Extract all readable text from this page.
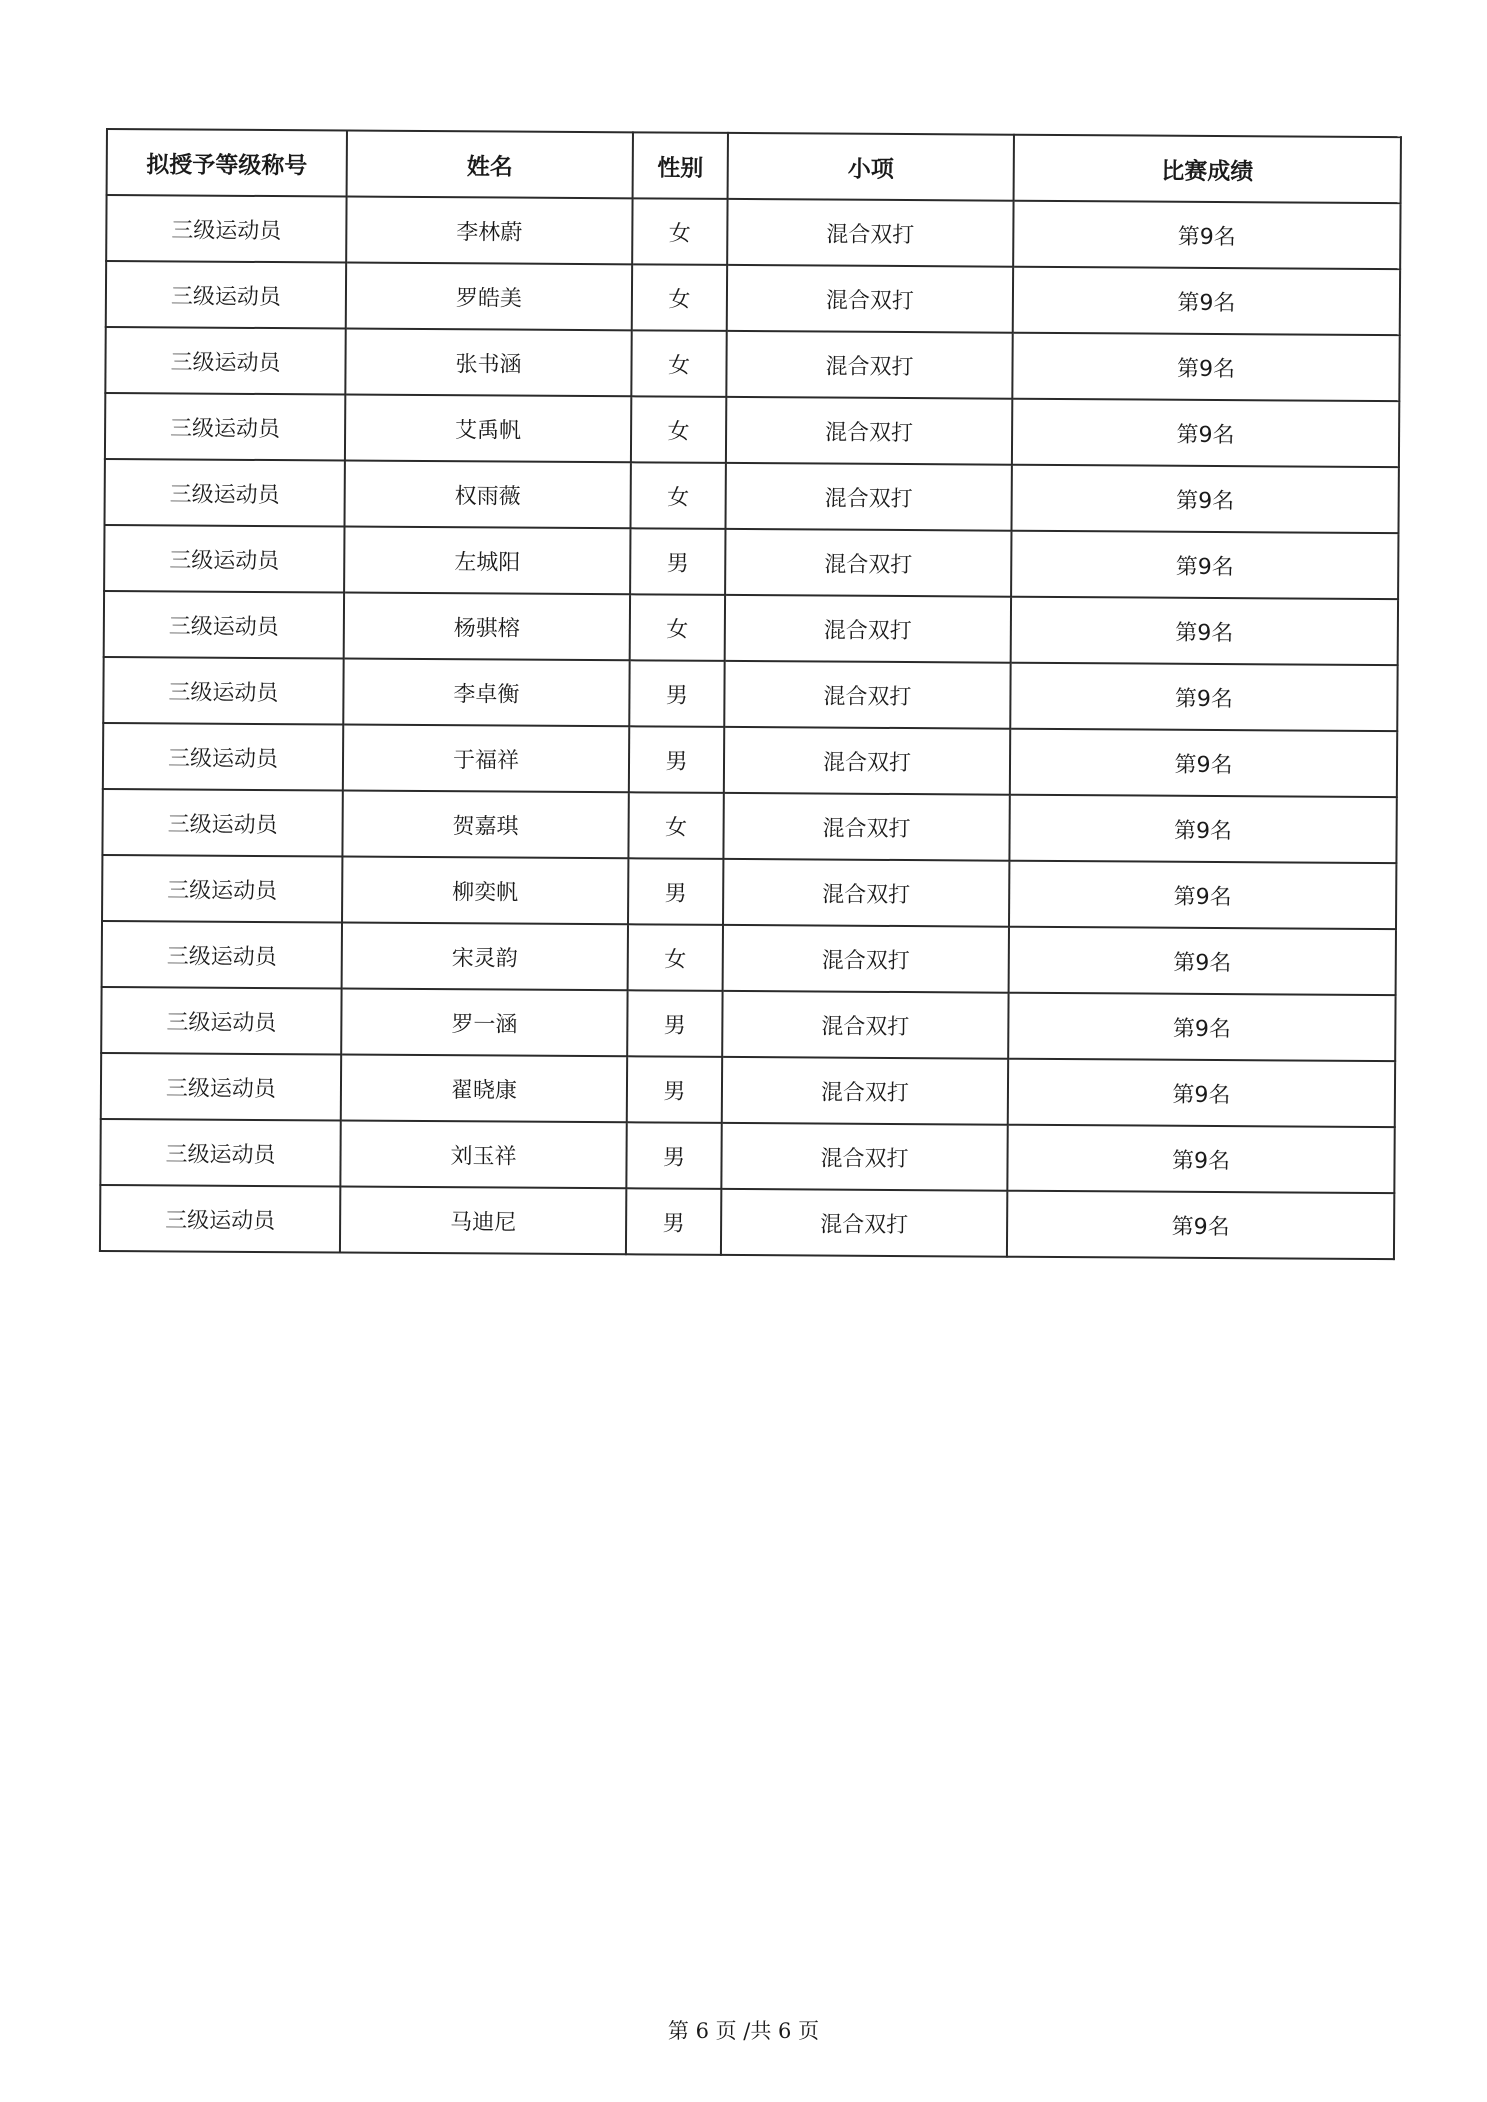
拟授予等级称号	姓名	性别	小项	比赛成绩
三级运动员	李林蔚	女	混合双打	第9名
三级运动员	罗皓美	女	混合双打	第9名
三级运动员	张书涵	女	混合双打	第9名
三级运动员	艾禹帆	女	混合双打	第9名
三级运动员	权雨薇	女	混合双打	第9名
三级运动员	左城阳	男	混合双打	第9名
三级运动员	杨骐榕	女	混合双打	第9名
三级运动员	李卓衡	男	混合双打	第9名
三级运动员	于福祥	男	混合双打	第9名
三级运动员	贺嘉琪	女	混合双打	第9名
三级运动员	柳奕帆	男	混合双打	第9名
三级运动员	宋灵韵	女	混合双打	第9名
三级运动员	罗一涵	男	混合双打	第9名
三级运动员	翟晓康	男	混合双打	第9名
三级运动员	刘玉祥	男	混合双打	第9名
三级运动员	马迪尼	男	混合双打	第9名
第 6 页 /共 6 页
